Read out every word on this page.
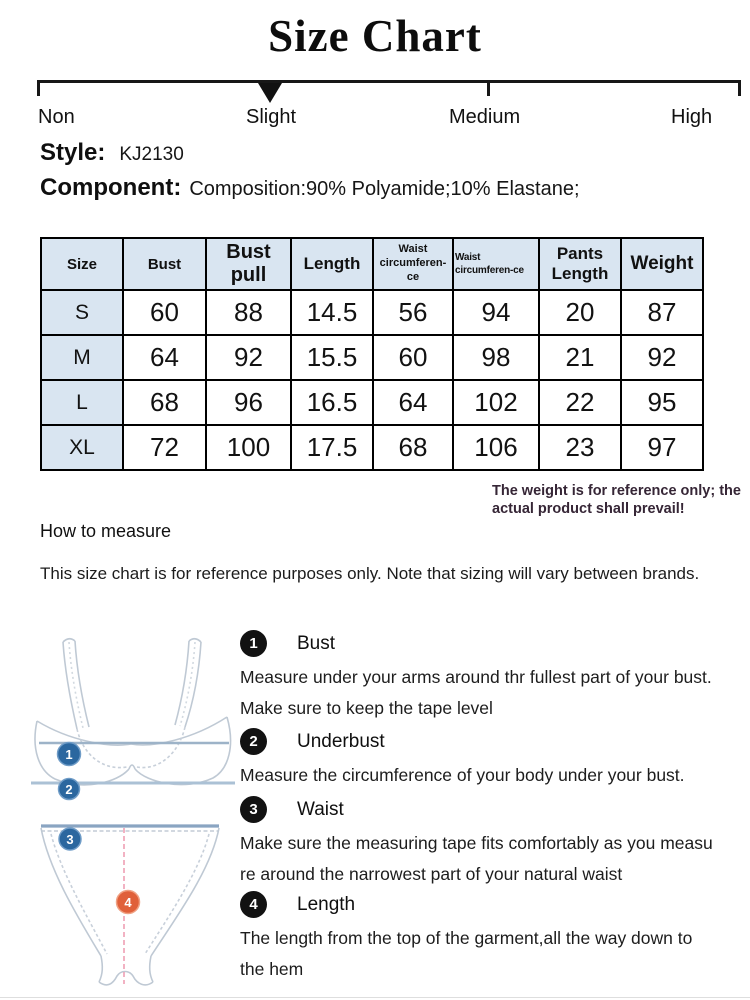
Size Chart
Non	Slight	Medium	High
Style: KJ2130
Component: Composition:90% Polyamide;10% Elastane;
Size	Bust	Bust pull	Length	Waist circumferen-ce	Waist circumferen-ce	Pants Length	Weight
S	60	88	14.5	56	94	20	87
M	64	92	15.5	60	98	21	92
L	68	96	16.5	64	102	22	95
XL	72	100	17.5	68	106	23	97
The weight is for reference only; the
actual product shall prevail!
How to measure
This size chart is for reference purposes only. Note that sizing will vary between brands.
1
2
3
4
1	Bust
Measure under your arms around thr fullest part of your bust.
Make sure to keep the tape level
2	Underbust
Measure the circumference of your body under your bust.
3	Waist
Make sure the measuring tape fits comfortably as you measu
re around the narrowest part of your natural waist
4	Length
The length from the top of the garment,all the way down to
the hem
